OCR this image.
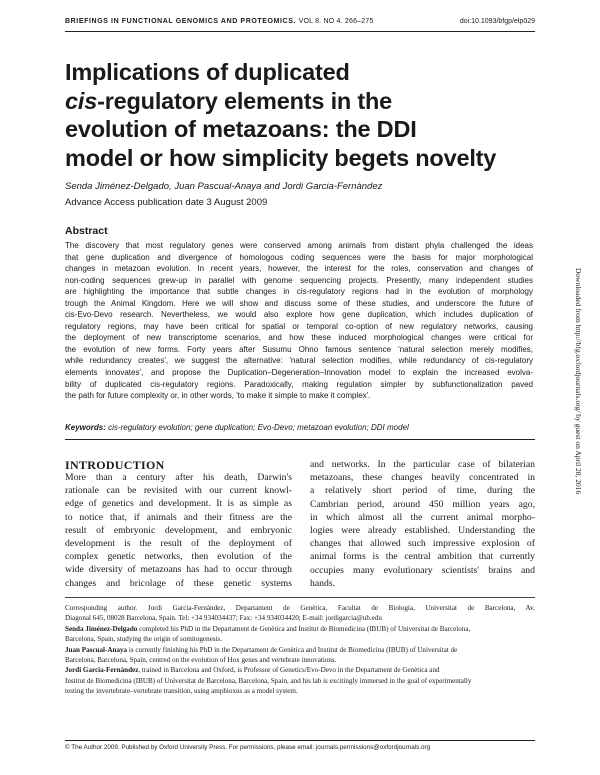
BRIEFINGS IN FUNCTIONAL GENOMICS AND PROTEOMICS. VOL 8. NO 4. 266–275	doi:10.1093/bfgp/elp029
Implications of duplicated
cis-regulatory elements in the
evolution of metazoans: the DDI
model or how simplicity begets novelty
Senda Jiménez-Delgado, Juan Pascual-Anaya and Jordi Garcia-Fernàndez
Advance Access publication date 3 August 2009
Abstract
The discovery that most regulatory genes were conserved among animals from distant phyla challenged the ideas
that gene duplication and divergence of homologous coding sequences were the basis for major morphological
changes in metazoan evolution. In recent years, however, the interest for the roles, conservation and changes of
non-coding sequences grew-up in parallel with genome sequencing projects. Presently, many independent studies
are highlighting the importance that subtle changes in cis-regulatory regions had in the evolution of morphology
trough the Animal Kingdom. Here we will show and discuss some of these studies, and underscore the future of
cis-Evo-Devo research. Nevertheless, we would also explore how gene duplication, which includes duplication of
regulatory regions, may have been critical for spatial or temporal co-option of new regulatory networks, causing
the deployment of new transcriptome scenarios, and how these induced morphological changes were critical for
the evolution of new forms. Forty years after Susumu Ohno famous sentence 'natural selection merely modifies,
while redundancy creates', we suggest the alternative: 'natural selection modifies, while redundancy of cis-regulatory
elements innovates', and propose the Duplication–Degeneration–Innovation model to explain the increased evolva-
bility of duplicated cis-regulatory regions. Paradoxically, making regulation simpler by subfunctionalization paved
the path for future complexity or, in other words, 'to make it simple to make it complex'.
Keywords: cis-regulatory evolution; gene duplication; Evo-Devo; metazoan evolution; DDI model
INTRODUCTION
More than a century after his death, Darwin's
rationale can be revisited with our current knowl-
edge of genetics and development. It is as simple as
to notice that, if animals and their fitness are the
result of embryonic development, and embryonic
development is the result of the deployment of
complex genetic networks, then evolution of the
wide diversity of metazoans has had to occur through
changes and bricolage of these genetic systems
and networks. In the particular case of bilaterian
metazoans, these changes heavily concentrated in
a relatively short period of time, during the
Cambrian period, around 450 million years ago,
in which almost all the current animal morpho-
logies were already established. Understanding the
changes that allowed such impressive explosion of
animal forms is the central ambition that currently
occupies many evolutionary scientists' brains and
hands.
Corresponding author. Jordi Garcia-Fernàndez, Departament de Genètica, Facultat de Biologia, Universitat de Barcelona, Av.
Diagonal 645, 08028 Barcelona, Spain. Tel: +34 934034437; Fax: +34 934034420; E-mail: jordigarcia@ub.edu
Senda Jiménez-Delgado completed his PhD in the Departament de Genètica and Institut de Biomedicina (IBUB) of Universitat de Barcelona,
Barcelona, Spain, studying the origin of somitogenesis.
Juan Pascual-Anaya is currently finishing his PhD in the Departament de Genètica and Institut de Biomedicina (IBUB) of Universitat de
Barcelona, Barcelona, Spain, centred on the evolution of Hox genes and vertebrate innovations.
Jordi Garcia-Fernàndez, trained in Barcelona and Oxford, is Professor of Genetics/Evo-Devo in the Departament de Genètica and
Institut de Biomedicina (IBUB) of Universitat de Barcelona, Barcelona, Spain, and his lab is excitingly immersed in the goal of experimentally
testing the invertebrate–vertebrate transition, using amphioxus as a model system.
© The Author 2009. Published by Oxford University Press. For permissions, please email: journals.permissions@oxfordjournals.org
Downloaded from http://bfg.oxfordjournals.org/ by guest on April 28, 2016
